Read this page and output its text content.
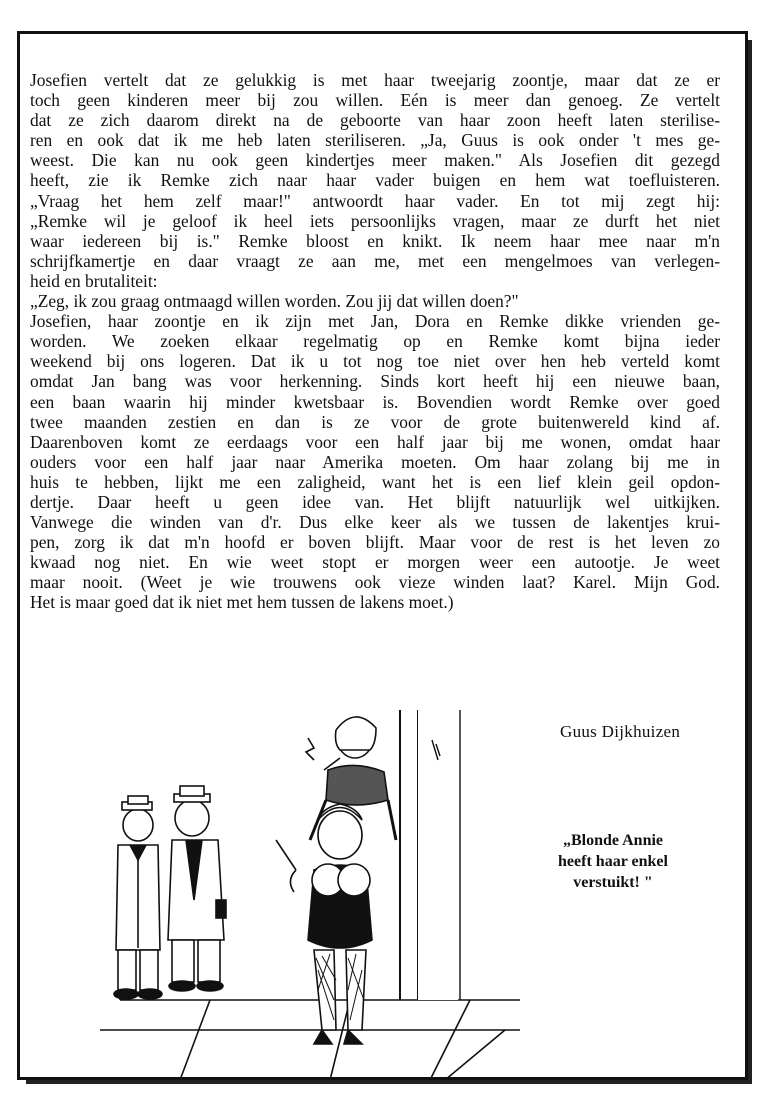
Josefien vertelt dat ze gelukkig is met haar tweejarig zoontje, maar dat ze er
toch geen kinderen meer bij zou willen. Eén is meer dan genoeg. Ze vertelt
dat ze zich daarom direkt na de geboorte van haar zoon heeft laten sterilise-
ren en ook dat ik me heb laten steriliseren. „Ja, Guus is ook onder 't mes ge-
weest. Die kan nu ook geen kindertjes meer maken." Als Josefien dit gezegd
heeft, zie ik Remke zich naar haar vader buigen en hem wat toefluisteren.
„Vraag het hem zelf maar!" antwoordt haar vader. En tot mij zegt hij:
„Remke wil je geloof ik heel iets persoonlijks vragen, maar ze durft het niet
waar iedereen bij is." Remke bloost en knikt. Ik neem haar mee naar m'n
schrijfkamertje en daar vraagt ze aan me, met een mengelmoes van verlegen-
heid en brutaliteit:
„Zeg, ik zou graag ontmaagd willen worden. Zou jij dat willen doen?"
Josefien, haar zoontje en ik zijn met Jan, Dora en Remke dikke vrienden ge-
worden. We zoeken elkaar regelmatig op en Remke komt bijna ieder
weekend bij ons logeren. Dat ik u tot nog toe niet over hen heb verteld komt
omdat Jan bang was voor herkenning. Sinds kort heeft hij een nieuwe baan,
een baan waarin hij minder kwetsbaar is. Bovendien wordt Remke over goed
twee maanden zestien en dan is ze voor de grote buitenwereld kind af.
Daarenboven komt ze eerdaags voor een half jaar bij me wonen, omdat haar
ouders voor een half jaar naar Amerika moeten. Om haar zolang bij me in
huis te hebben, lijkt me een zaligheid, want het is een lief klein geil opdon-
dertje. Daar heeft u geen idee van. Het blijft natuurlijk wel uitkijken.
Vanwege die winden van d'r. Dus elke keer als we tussen de lakentjes krui-
pen, zorg ik dat m'n hoofd er boven blijft. Maar voor de rest is het leven zo
kwaad nog niet. En wie weet stopt er morgen weer een autootje. Je weet
maar nooit. (Weet je wie trouwens ook vieze winden laat? Karel. Mijn God.
Het is maar goed dat ik niet met hem tussen de lakens moet.)
Guus Dijkhuizen
„Blonde Annie
heeft haar enkel
verstuikt! "
